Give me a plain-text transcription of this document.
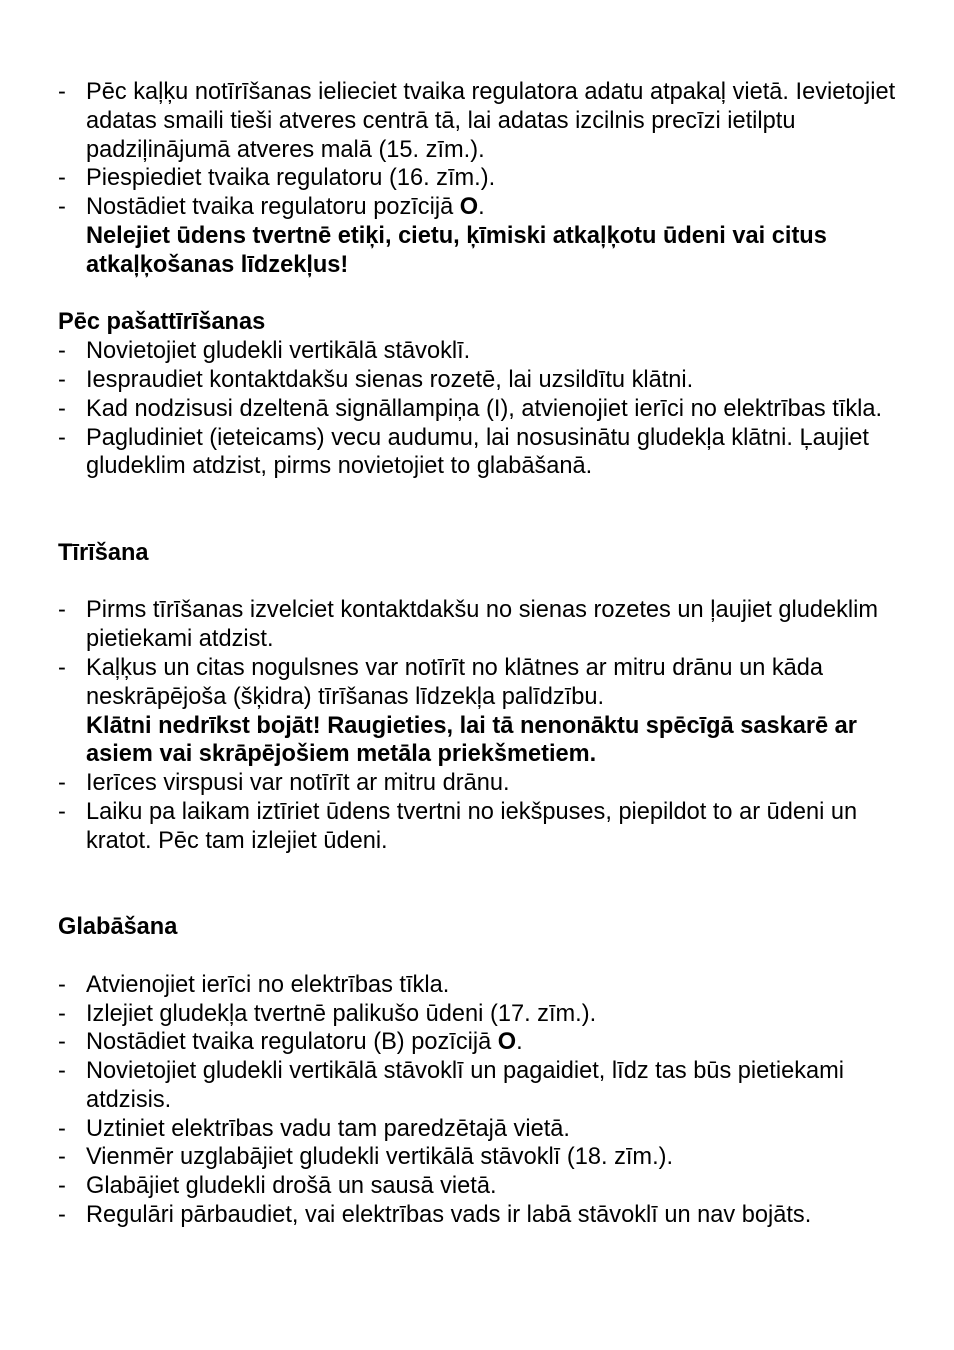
- Pēc kaļķu notīrīšanas ielieciet tvaika regulatora adatu atpakaļ vietā. Ievietojiet adatas smaili tieši atveres centrā tā, lai adatas izcilnis precīzi ietilptu padziļinājumā atveres malā (15. zīm.).
- Piespiediet tvaika regulatoru (16. zīm.).
- Nostādiet tvaika regulatoru pozīcijā O.
Nelejiet ūdens tvertnē etiķi, cietu, ķīmiski atkaļķotu ūdeni vai citus atkaļķošanas līdzekļus!
Pēc pašattīrīšanas
- Novietojiet gludekli vertikālā stāvoklī.
- Iespraudiet kontaktdakšu sienas rozetē, lai uzsildītu klātni.
- Kad nodzisusi dzeltenā signāllampiņa (I), atvienojiet ierīci no elektrības tīkla.
- Pagludiniet (ieteicams) vecu audumu, lai nosusinātu gludekļa klātni. Ļaujiet gludeklim atdzist, pirms novietojiet to glabāšanā.
Tīrīšana
- Pirms tīrīšanas izvelciet kontaktdakšu no sienas rozetes un ļaujiet gludeklim pietiekami atdzist.
- Kaļķus un citas nogulsnes var notīrīt no klātnes ar mitru drānu un kāda neskrāpējoša (šķidra) tīrīšanas līdzekļa palīdzību.
Klātni nedrīkst bojāt! Raugieties, lai tā nenonāktu spēcīgā saskarē ar asiem vai skrāpējošiem metāla priekšmetiem.
- Ierīces virspusi var notīrīt ar mitru drānu.
- Laiku pa laikam iztīriet ūdens tvertni no iekšpuses, piepildot to ar ūdeni un kratot. Pēc tam izlejiet ūdeni.
Glabāšana
- Atvienojiet ierīci no elektrības tīkla.
- Izlejiet gludekļa tvertnē palikušo ūdeni (17. zīm.).
- Nostādiet tvaika regulatoru (B) pozīcijā O.
- Novietojiet gludekli vertikālā stāvoklī un pagaidiet, līdz tas būs pietiekami atdzisis.
- Uztiniet elektrības vadu tam paredzētajā vietā.
- Vienmēr uzglabājiet gludekli vertikālā stāvoklī (18. zīm.).
- Glabājiet gludekli drošā un sausā vietā.
- Regulāri pārbaudiet, vai elektrības vads ir labā stāvoklī un nav bojāts.
